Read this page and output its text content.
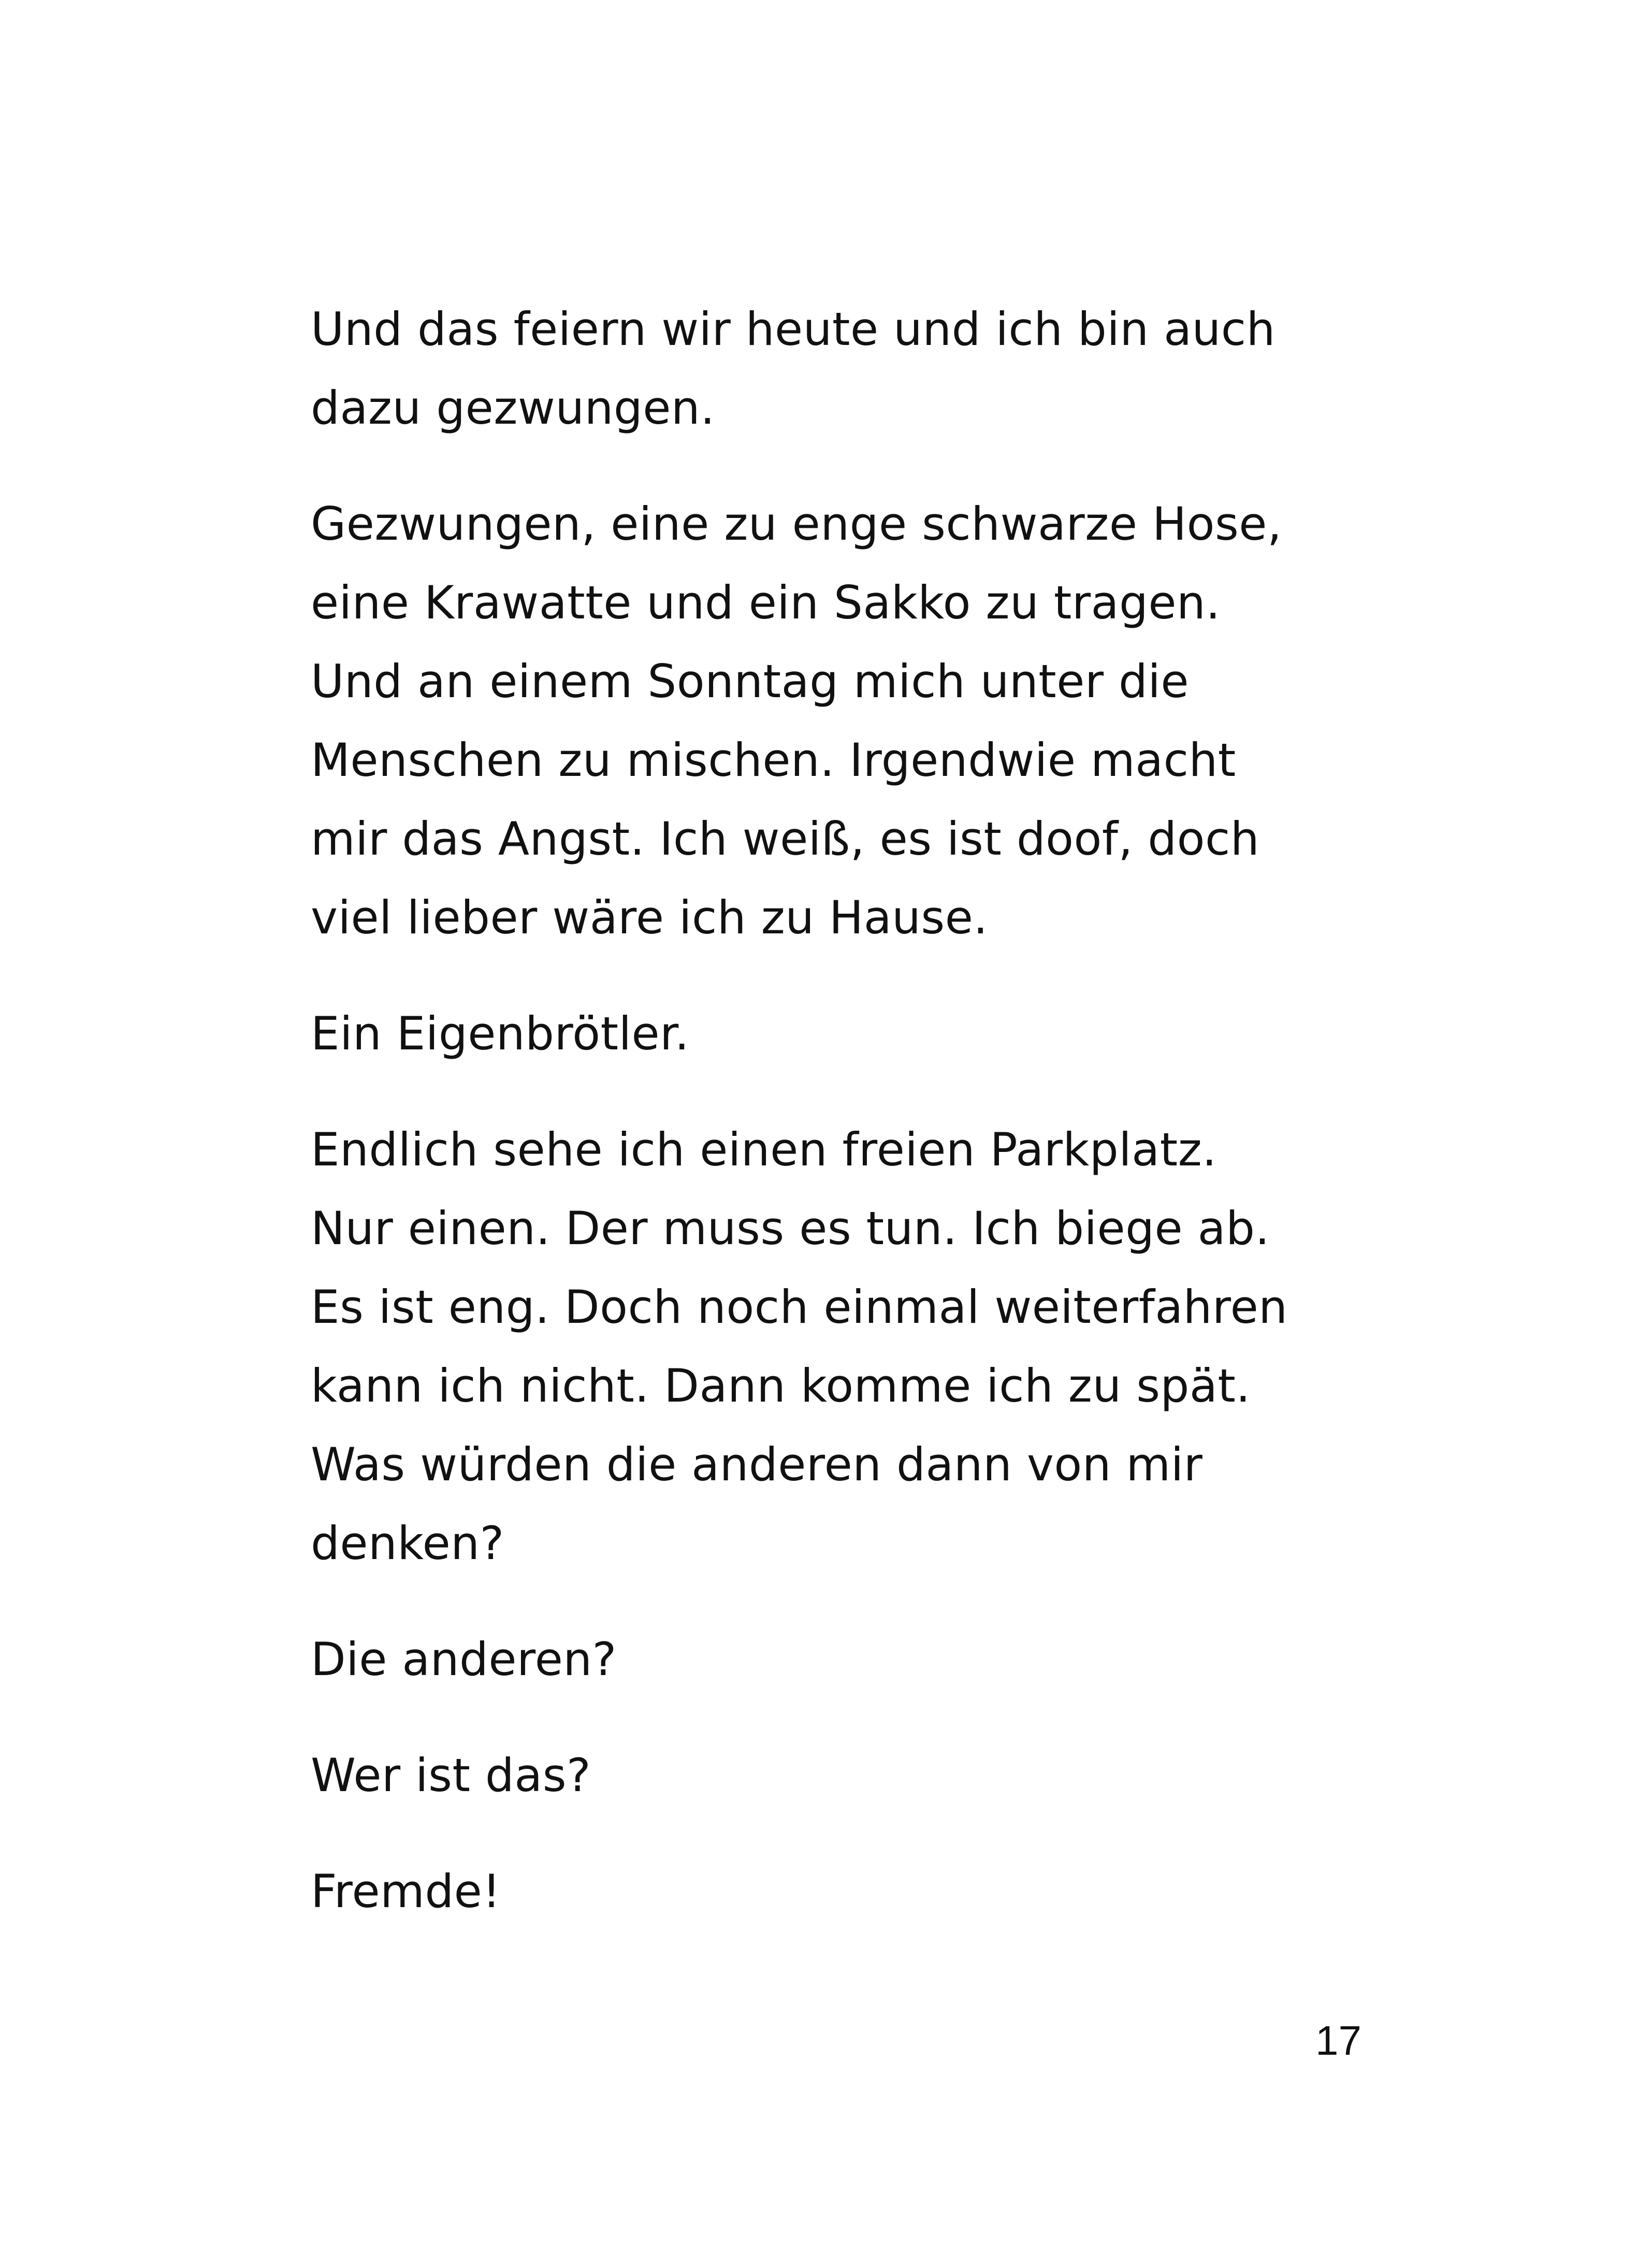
Und das feiern wir heute und ich bin auch
dazu gezwungen.

Gezwungen, eine zu enge schwarze Hose,
eine Krawatte und ein Sakko zu tragen.
Und an einem Sonntag mich unter die
Menschen zu mischen. Irgendwie macht
mir das Angst. Ich weiß, es ist doof, doch
viel lieber wäre ich zu Hause.

Ein Eigenbrötler.

Endlich sehe ich einen freien Parkplatz.
Nur einen. Der muss es tun. Ich biege ab.
Es ist eng. Doch noch einmal weiterfahren
kann ich nicht. Dann komme ich zu spät.
Was würden die anderen dann von mir
denken?

Die anderen?

Wer ist das?

Fremde!

17
